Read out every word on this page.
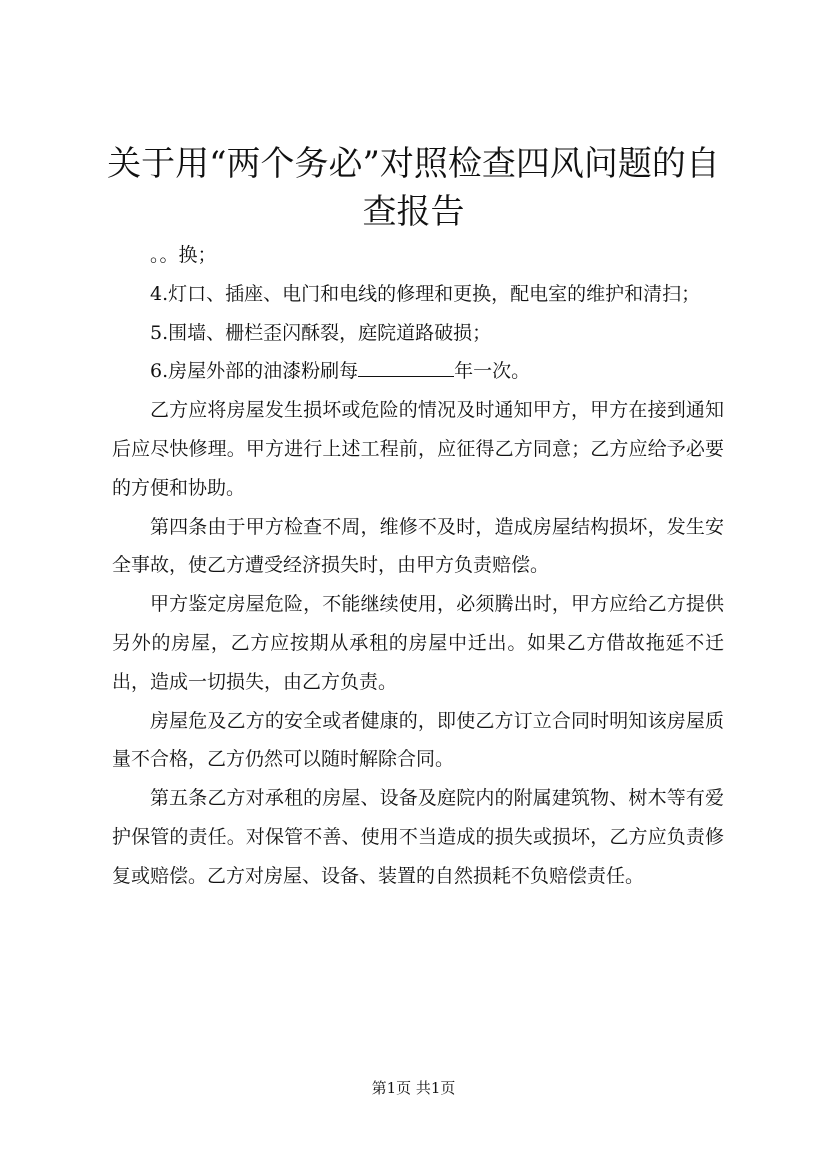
关于用“两个务必”对照检查四风问题的自查报告

。。换；

4.灯口、插座、电门和电线的修理和更换，配电室的维护和清扫；

5.围墙、栅栏歪闪酥裂，庭院道路破损；

6.房屋外部的油漆粉刷每	年一次。

乙方应将房屋发生损坏或危险的情况及时通知甲方，甲方在接到通知后应尽快修理。甲方进行上述工程前，应征得乙方同意；乙方应给予必要的方便和协助。

第四条由于甲方检查不周，维修不及时，造成房屋结构损坏，发生安全事故，使乙方遭受经济损失时，由甲方负责赔偿。

甲方鉴定房屋危险，不能继续使用，必须腾出时，甲方应给乙方提供另外的房屋，乙方应按期从承租的房屋中迁出。如果乙方借故拖延不迁出，造成一切损失，由乙方负责。

房屋危及乙方的安全或者健康的，即使乙方订立合同时明知该房屋质量不合格，乙方仍然可以随时解除合同。

第五条乙方对承租的房屋、设备及庭院内的附属建筑物、树木等有爱护保管的责任。对保管不善、使用不当造成的损失或损坏，乙方应负责修复或赔偿。乙方对房屋、设备、装置的自然损耗不负赔偿责任。

第1页 共1页
